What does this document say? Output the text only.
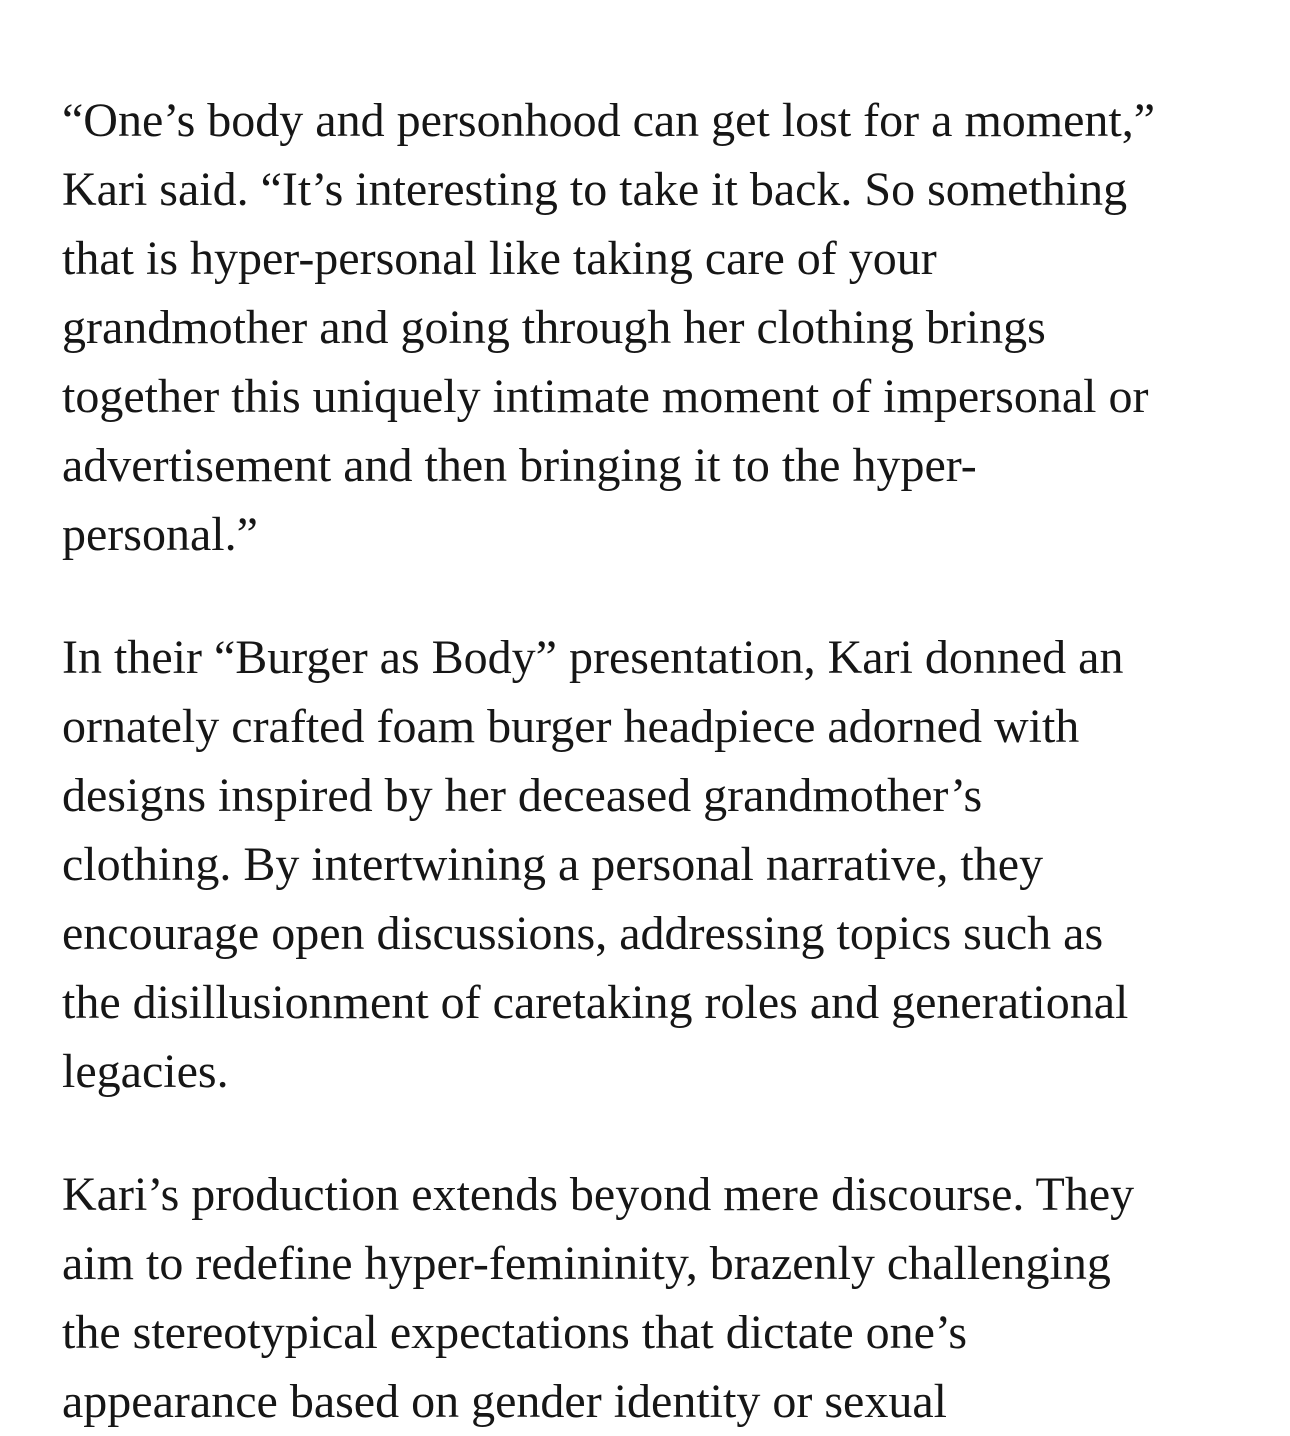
“One’s body and personhood can get lost for a moment,”
Kari said. “It’s interesting to take it back. So something
that is hyper-personal like taking care of your
grandmother and going through her clothing brings
together this uniquely intimate moment of impersonal or
advertisement and then bringing it to the hyper-
personal.”

In their “Burger as Body” presentation, Kari donned an
ornately crafted foam burger headpiece adorned with
designs inspired by her deceased grandmother’s
clothing. By intertwining a personal narrative, they
encourage open discussions, addressing topics such as
the disillusionment of caretaking roles and generational
legacies.

Kari’s production extends beyond mere discourse. They
aim to redefine hyper-femininity, brazenly challenging
the stereotypical expectations that dictate one’s
appearance based on gender identity or sexual
